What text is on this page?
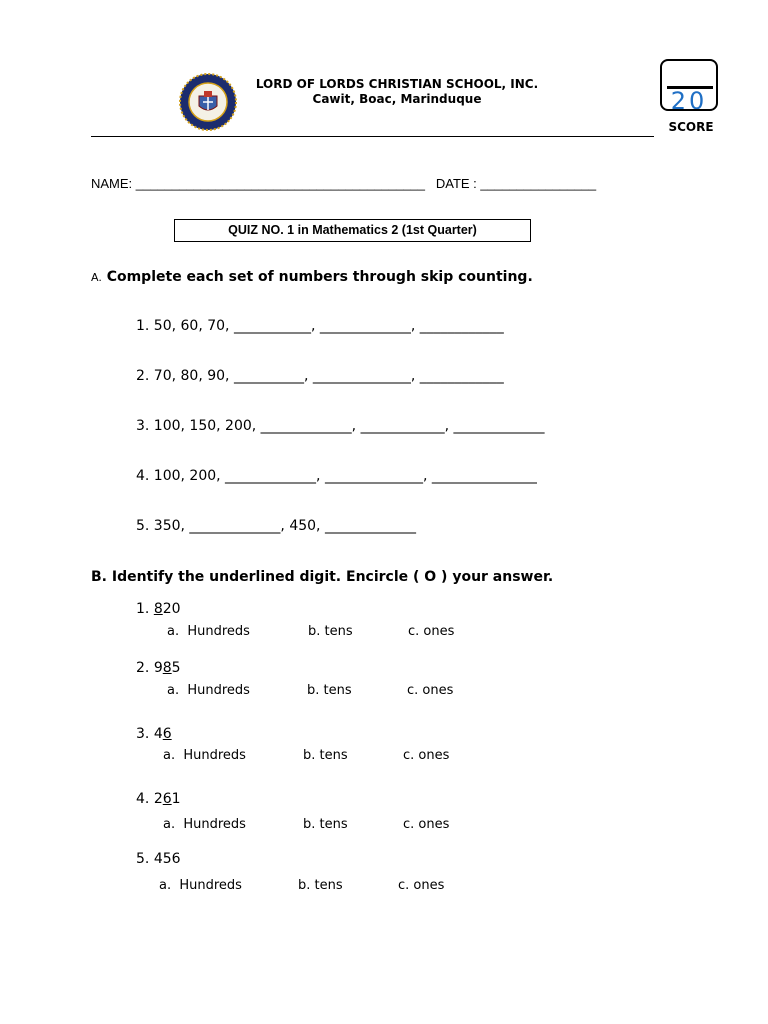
LORD OF LORDS CHRISTIAN SCHOOL, INC.
Cawit, Boac, Marinduque	20
SCORE
NAME: ________________________________________ DATE : ________________
QUIZ NO. 1 in Mathematics 2 (1st Quarter)
A. Complete each set of numbers through skip counting.
1. 50, 60, 70, ___________, _____________, ____________
2. 70, 80, 90, __________, ______________, ____________
3. 100, 150, 200, _____________, ____________, _____________
4. 100, 200, _____________, ______________, _______________
5. 350, _____________, 450, _____________
B. Identify the underlined digit. Encircle ( O ) your answer.
1. 820
a.  Hundreds	b. tens	c. ones
2. 985
a.  Hundreds	b. tens	c. ones
3. 46
a.  Hundreds	b. tens	c. ones
4. 261
a.  Hundreds	b. tens	c. ones
5. 456
a.  Hundreds	b. tens	c. ones
